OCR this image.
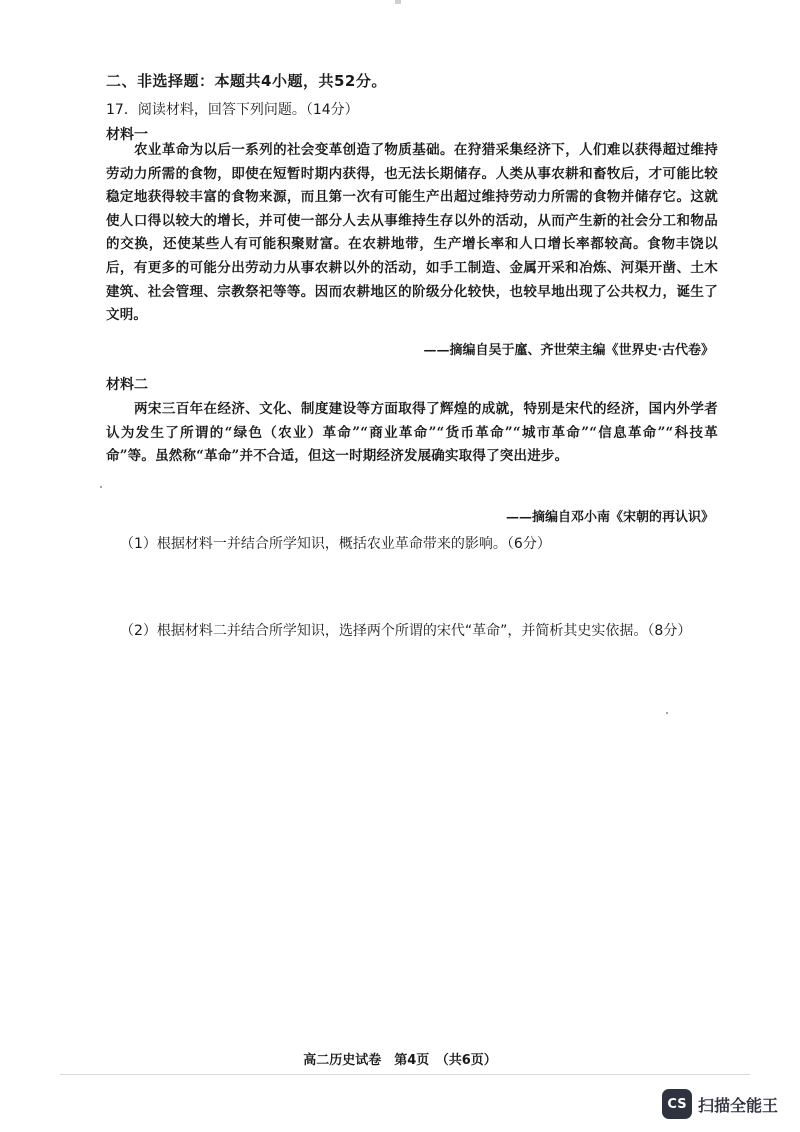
二、非选择题：本题共4小题，共52分。
17．阅读材料，回答下列问题。（14分）
材料一
农业革命为以后一系列的社会变革创造了物质基础。在狩猎采集经济下，人们难以获得超过维持劳动力所需的食物，即使在短暂时期内获得，也无法长期储存。人类从事农耕和畜牧后，才可能比较稳定地获得较丰富的食物来源，而且第一次有可能生产出超过维持劳动力所需的食物并储存它。这就使人口得以较大的增长，并可使一部分人去从事维持生存以外的活动，从而产生新的社会分工和物品的交换，还使某些人有可能积聚财富。在农耕地带，生产增长率和人口增长率都较高。食物丰饶以后，有更多的可能分出劳动力从事农耕以外的活动，如手工制造、金属开采和冶炼、河渠开凿、土木建筑、社会管理、宗教祭祀等等。因而农耕地区的阶级分化较快，也较早地出现了公共权力，诞生了文明。
——摘编自吴于廑、齐世荣主编《世界史·古代卷》
材料二
两宋三百年在经济、文化、制度建设等方面取得了辉煌的成就，特别是宋代的经济，国内外学者认为发生了所谓的“绿色（农业）革命”“商业革命”“货币革命”“城市革命”“信息革命”“科技革命”等。虽然称“革命”并不合适，但这一时期经济发展确实取得了突出进步。
——摘编自邓小南《宋朝的再认识》
（1）根据材料一并结合所学知识，概括农业革命带来的影响。（6分）
（2）根据材料二并结合所学知识，选择两个所谓的宋代“革命”，并简析其史实依据。（8分）
高二历史试卷　第4页　（共6页）
CS 扫描全能王
